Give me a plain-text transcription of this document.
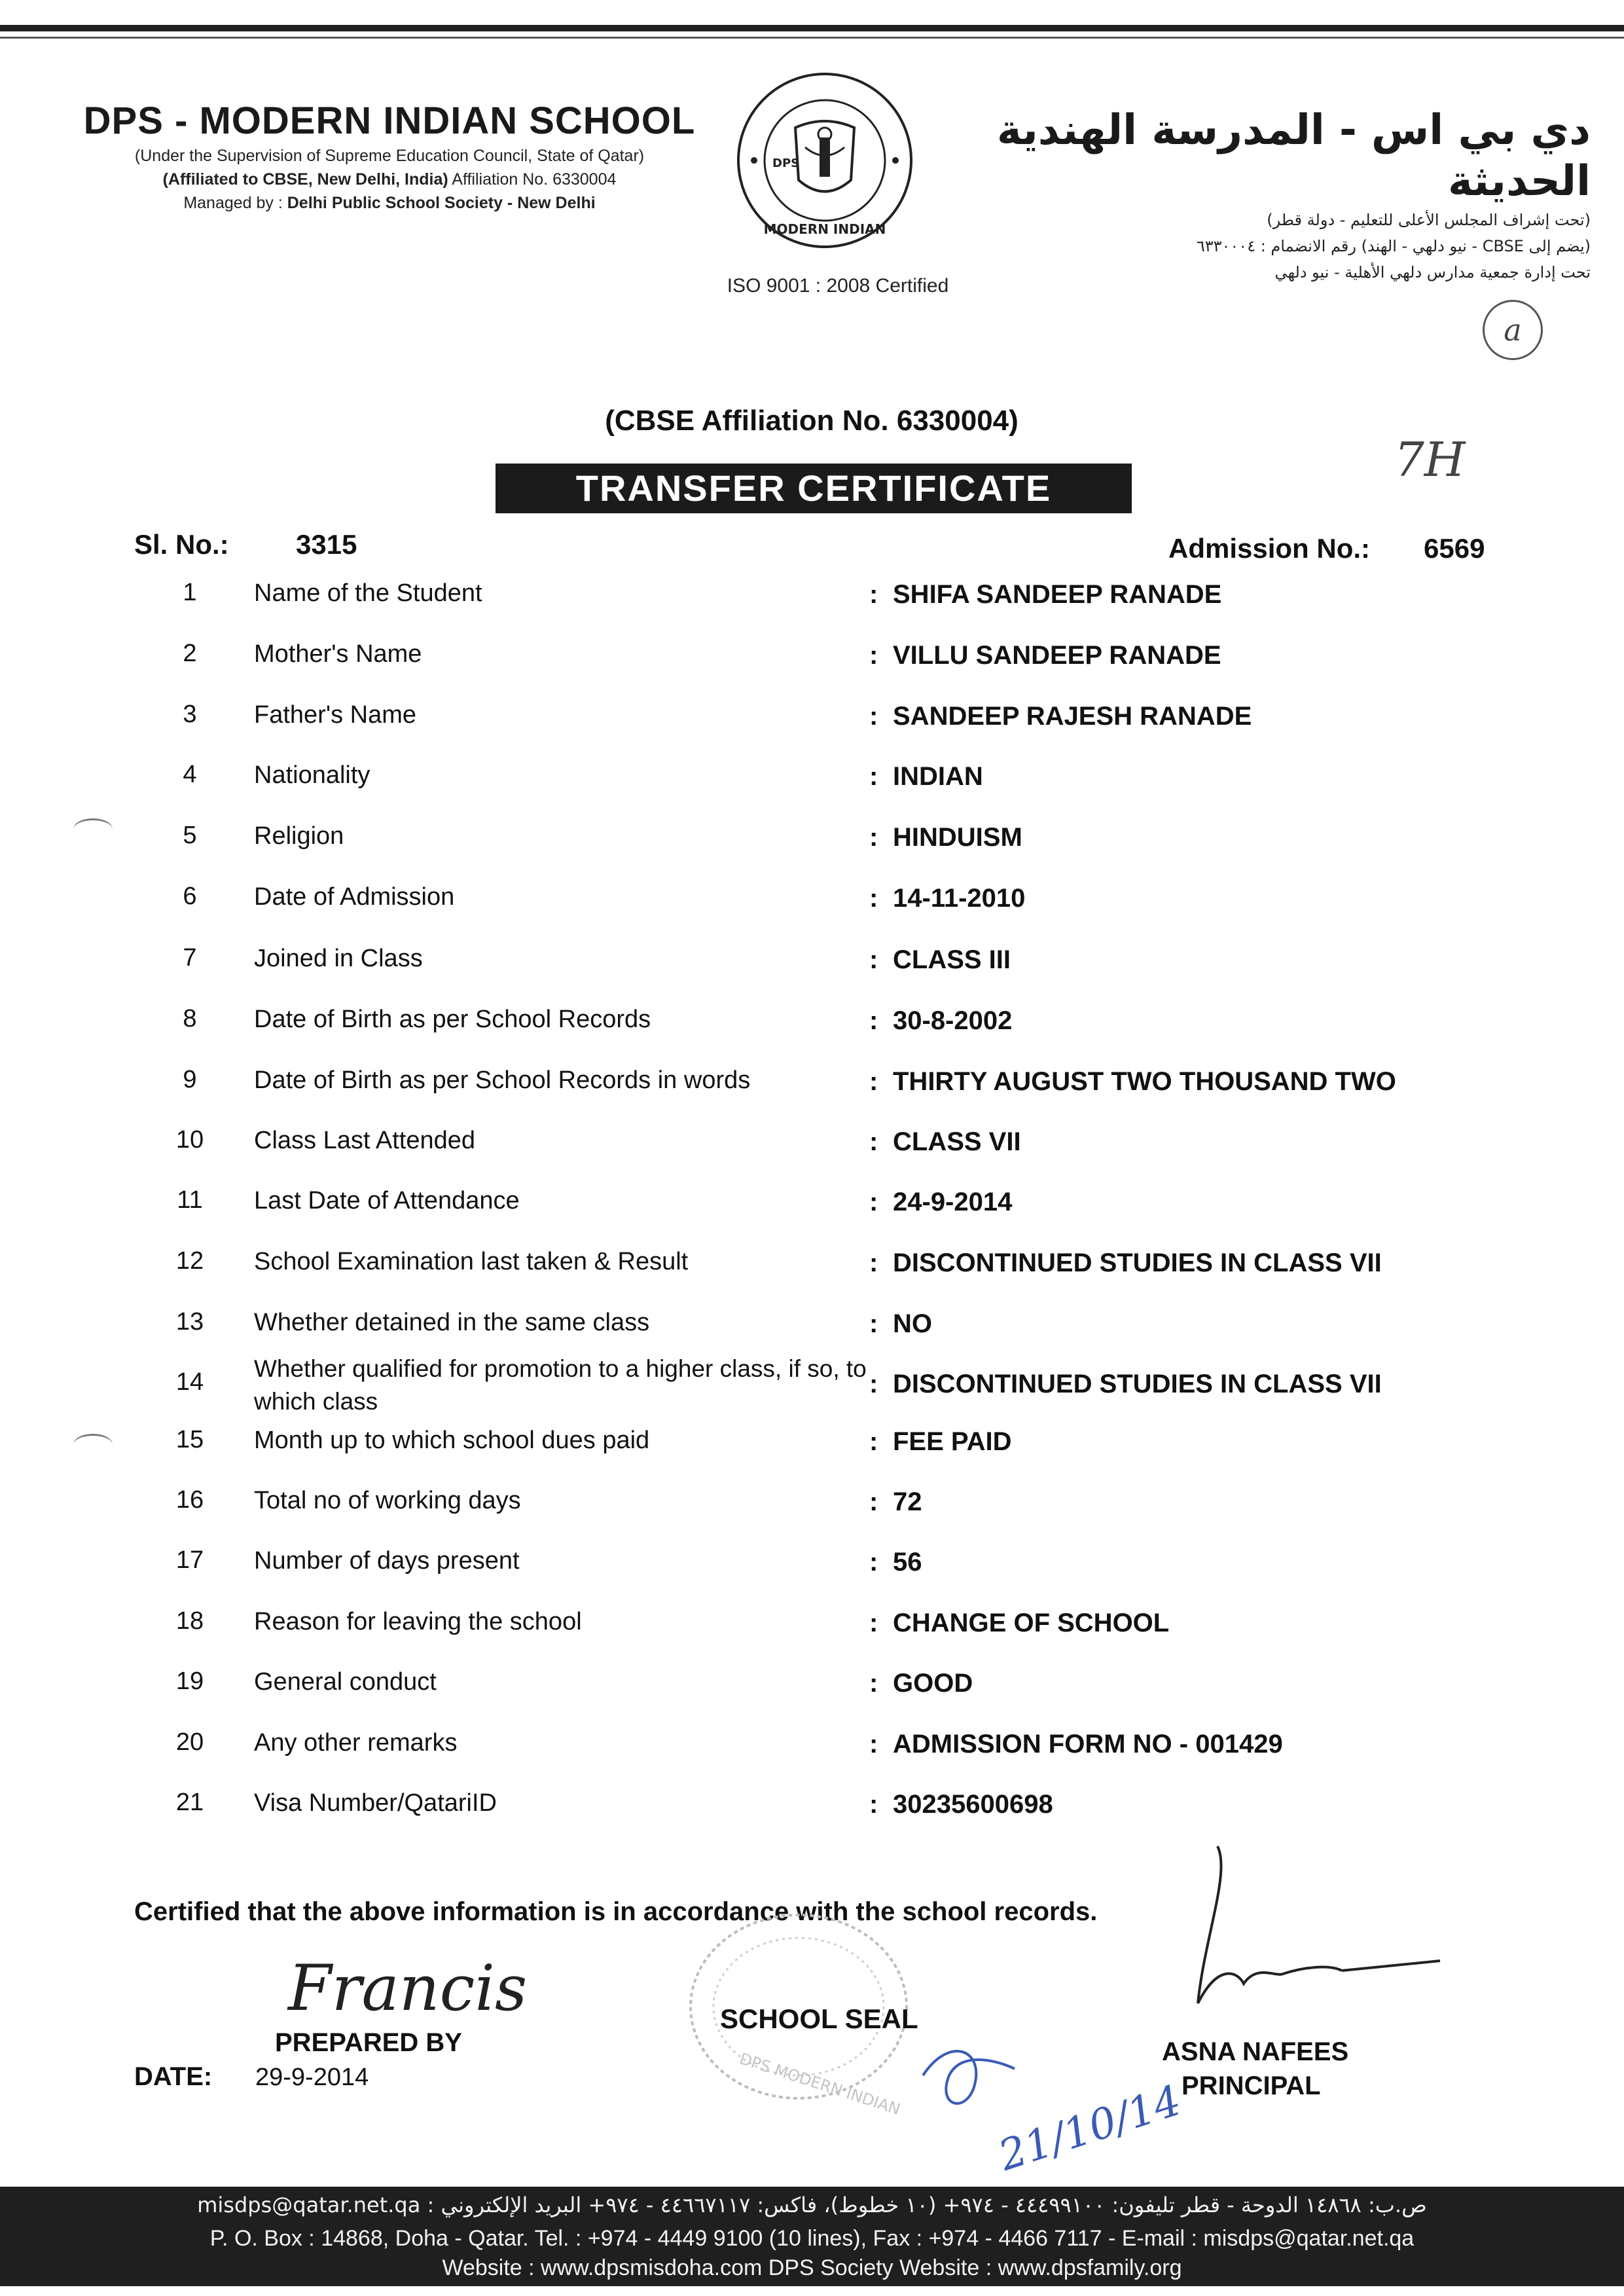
DPS - MODERN INDIAN SCHOOL
(Under the Supervision of Supreme Education Council, State of Qatar)
(Affiliated to CBSE, New Delhi, India) Affiliation No. 6330004
Managed by : Delhi Public School Society - New Delhi
MODERN INDIAN
DPS
دي بي اس - المدرسة الهندية الحديثة
(تحت إشراف المجلس الأعلى للتعليم - دولة قطر)
(يضم إلى CBSE - نيو دلهي - الهند) رقم الانضمام : ٦٣٣٠٠٠٤
تحت إدارة جمعية مدارس دلهي الأهلية - نيو دلهي
ISO 9001 : 2008 Certified
a
7H
(CBSE Affiliation No. 6330004)
TRANSFER CERTIFICATE
Sl. No.: 3315	Admission No.: 6569
1	Name of the Student	: SHIFA SANDEEP RANADE
2	Mother's Name	: VILLU SANDEEP RANADE
3	Father's Name	: SANDEEP RAJESH RANADE
4	Nationality	: INDIAN
5	Religion	: HINDUISM
6	Date of Admission	: 14-11-2010
7	Joined in Class	: CLASS III
8	Date of Birth as per School Records	: 30-8-2002
9	Date of Birth as per School Records in words	: THIRTY AUGUST TWO THOUSAND TWO
10	Class Last Attended	: CLASS VII
11	Last Date of Attendance	: 24-9-2014
12	School Examination last taken & Result	: DISCONTINUED STUDIES IN CLASS VII
13	Whether detained in the same class	: NO
14	Whether qualified for promotion to a higher class, if so, to which class
: DISCONTINUED STUDIES IN CLASS VII
15	Month up to which school dues paid	: FEE PAID
16	Total no of working days	: 72
17	Number of days present	: 56
18	Reason for leaving the school	: CHANGE OF SCHOOL
19	General conduct	: GOOD
20	Any other remarks	: ADMISSION FORM NO - 001429
21	Visa Number/QatariID	: 30235600698
Certified that the above information is in accordance with the school records.
Francis
PREPARED BY
DATE: 29-9-2014	DPS MODERN INDIAN
SCHOOL SEAL
ASNA NAFEES
PRINCIPAL
21/10/14
ص.ب: ١٤٨٦٨ الدوحة - قطر تليفون: ٤٤٤٩٩١٠٠ - ٩٧٤+ (١٠ خطوط)، فاكس: ٤٤٦٦٧١١٧ - ٩٧٤+ البريد الإلكتروني : misdps@qatar.net.qa
P. O. Box : 14868, Doha - Qatar. Tel. : +974 - 4449 9100 (10 lines), Fax : +974 - 4466 7117 - E-mail : misdps@qatar.net.qa
Website : www.dpsmisdoha.com DPS Society Website : www.dpsfamily.org
